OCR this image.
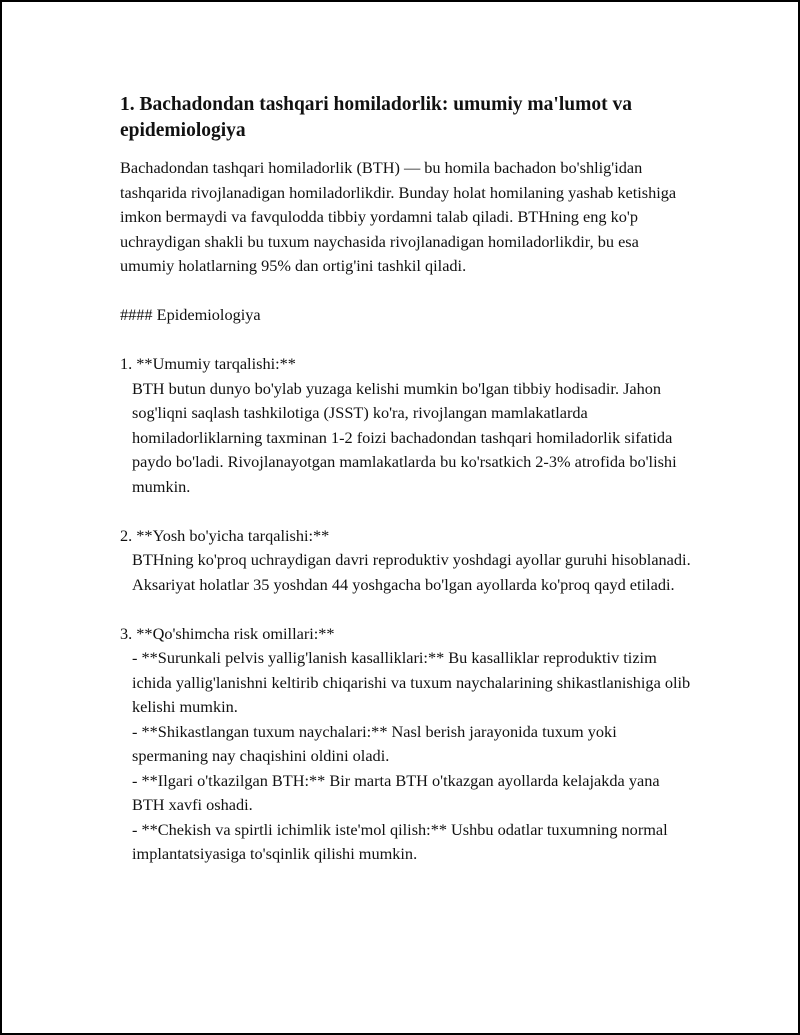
1. Bachadondan tashqari homiladorlik: umumiy ma'lumot va epidemiologiya

Bachadondan tashqari homiladorlik (BTH) — bu homila bachadon bo'shlig'idan tashqarida rivojlanadigan homiladorlikdir. Bunday holat homilaning yashab ketishiga imkon bermaydi va favqulodda tibbiy yordamni talab qiladi. BTHning eng ko'p uchraydigan shakli bu tuxum naychasida rivojlanadigan homiladorlikdir, bu esa umumiy holatlarning 95% dan ortig'ini tashkil qiladi.

#### Epidemiologiya

1. **Umumiy tarqalishi:**

BTH butun dunyo bo'ylab yuzaga kelishi mumkin bo'lgan tibbiy hodisadir. Jahon sog'liqni saqlash tashkilotiga (JSST) ko'ra, rivojlangan mamlakatlarda homiladorliklarning taxminan 1-2 foizi bachadondan tashqari homiladorlik sifatida paydo bo'ladi. Rivojlanayotgan mamlakatlarda bu ko'rsatkich 2-3% atrofida bo'lishi mumkin.

2. **Yosh bo'yicha tarqalishi:**

BTHning ko'proq uchraydigan davri reproduktiv yoshdagi ayollar guruhi hisoblanadi. Aksariyat holatlar 35 yoshdan 44 yoshgacha bo'lgan ayollarda ko'proq qayd etiladi.

3. **Qo'shimcha risk omillari:**

- **Surunkali pelvis yallig'lanish kasalliklari:** Bu kasalliklar reproduktiv tizim ichida yallig'lanishni keltirib chiqarishi va tuxum naychalarining shikastlanishiga olib kelishi mumkin.

- **Shikastlangan tuxum naychalari:** Nasl berish jarayonida tuxum yoki spermaning nay chaqishini oldini oladi.

- **Ilgari o'tkazilgan BTH:** Bir marta BTH o'tkazgan ayollarda kelajakda yana BTH xavfi oshadi.

- **Chekish va spirtli ichimlik iste'mol qilish:** Ushbu odatlar tuxumning normal implantatsiyasiga to'sqinlik qilishi mumkin.
